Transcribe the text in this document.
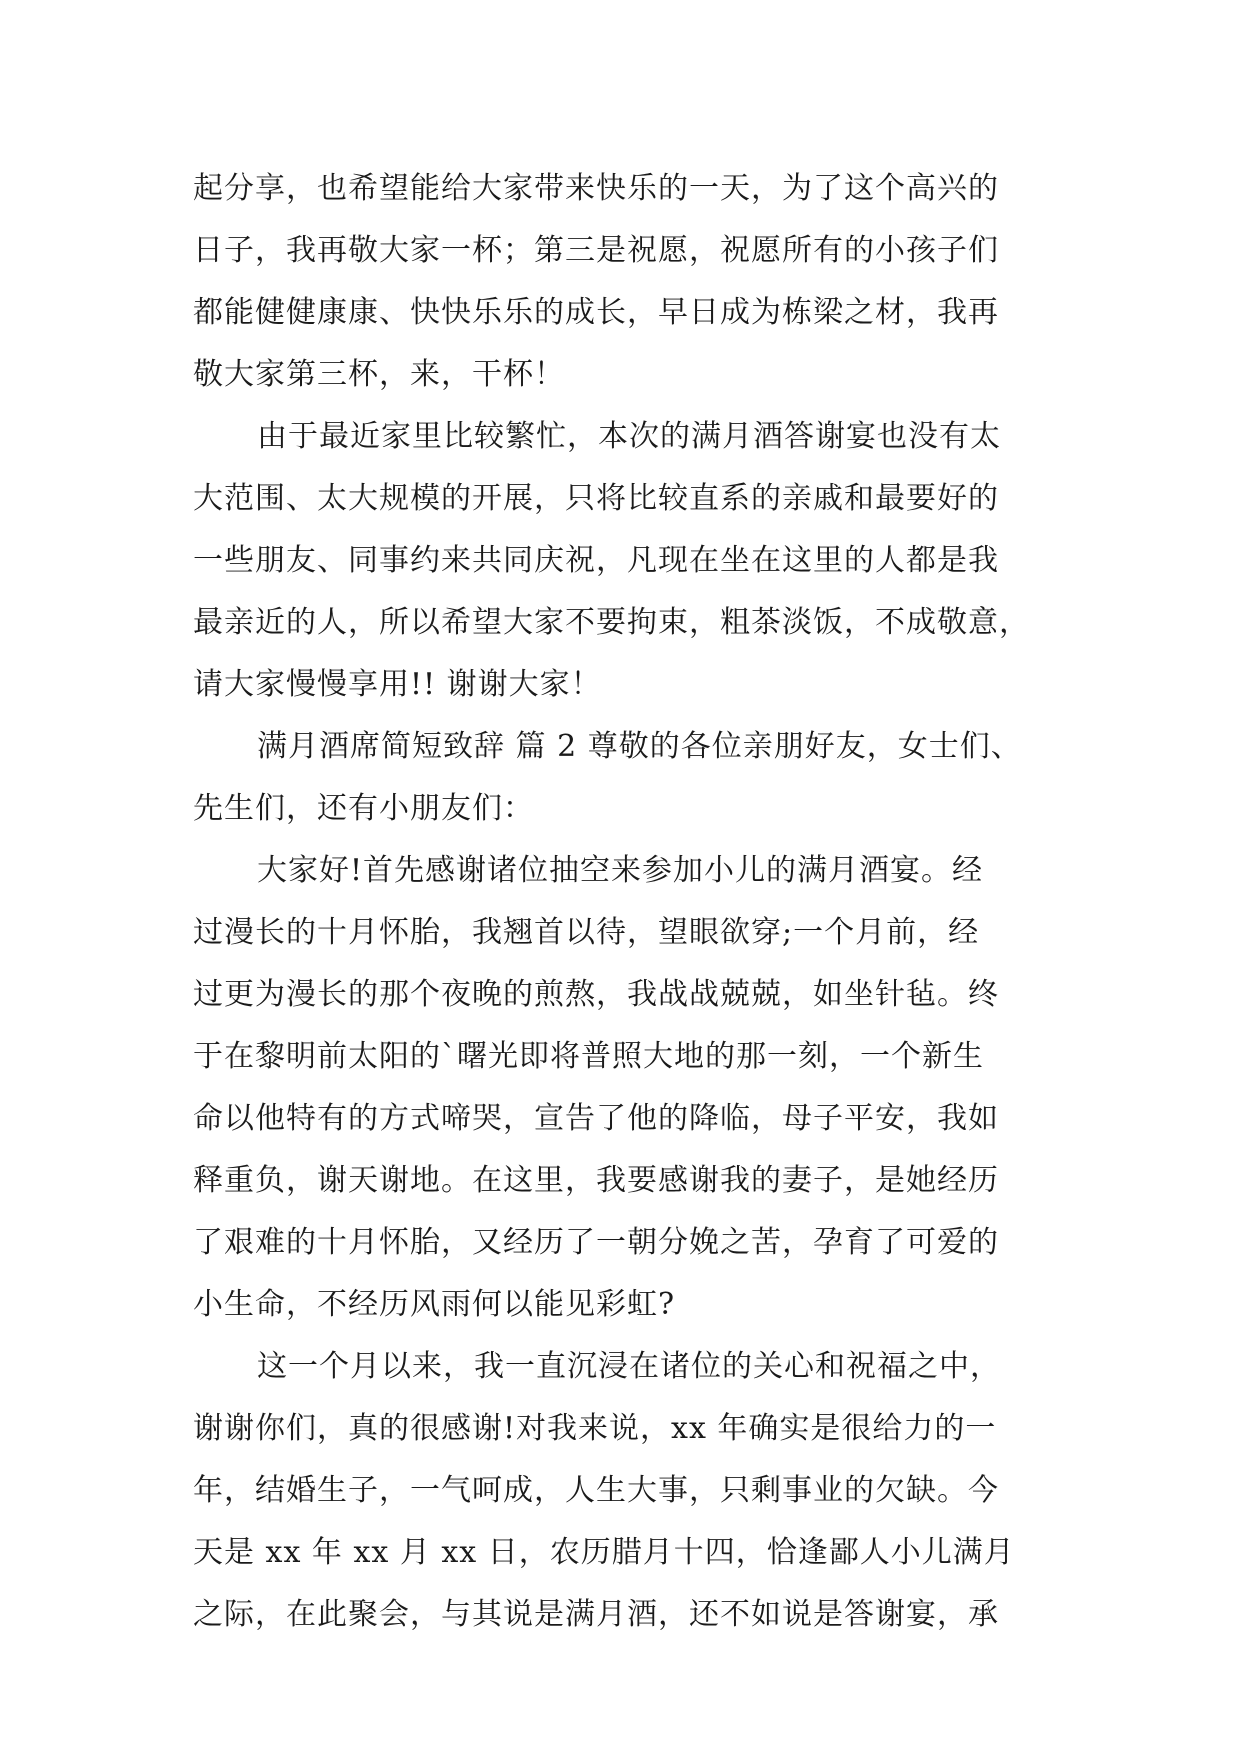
起分享，也希望能给大家带来快乐的一天，为了这个高兴的
日子，我再敬大家一杯；第三是祝愿，祝愿所有的小孩子们
都能健健康康、快快乐乐的成长，早日成为栋梁之材，我再
敬大家第三杯，来，干杯！
由于最近家里比较繁忙，本次的满月酒答谢宴也没有太
大范围、太大规模的开展，只将比较直系的亲戚和最要好的
一些朋友、同事约来共同庆祝，凡现在坐在这里的人都是我
最亲近的人，所以希望大家不要拘束，粗茶淡饭，不成敬意，
请大家慢慢享用!! 谢谢大家！
满月酒席简短致辞 篇 2 尊敬的各位亲朋好友，女士们、
先生们，还有小朋友们：
大家好!首先感谢诸位抽空来参加小儿的满月酒宴。经
过漫长的十月怀胎，我翘首以待，望眼欲穿;一个月前，经
过更为漫长的那个夜晚的煎熬，我战战兢兢，如坐针毡。终
于在黎明前太阳的`曙光即将普照大地的那一刻，一个新生
命以他特有的方式啼哭，宣告了他的降临，母子平安，我如
释重负，谢天谢地。在这里，我要感谢我的妻子，是她经历
了艰难的十月怀胎，又经历了一朝分娩之苦，孕育了可爱的
小生命，不经历风雨何以能见彩虹?
这一个月以来，我一直沉浸在诸位的关心和祝福之中，
谢谢你们，真的很感谢!对我来说，xx 年确实是很给力的一
年，结婚生子，一气呵成，人生大事，只剩事业的欠缺。今
天是 xx 年 xx 月 xx 日，农历腊月十四，恰逢鄙人小儿满月
之际，在此聚会，与其说是满月酒，还不如说是答谢宴，承
